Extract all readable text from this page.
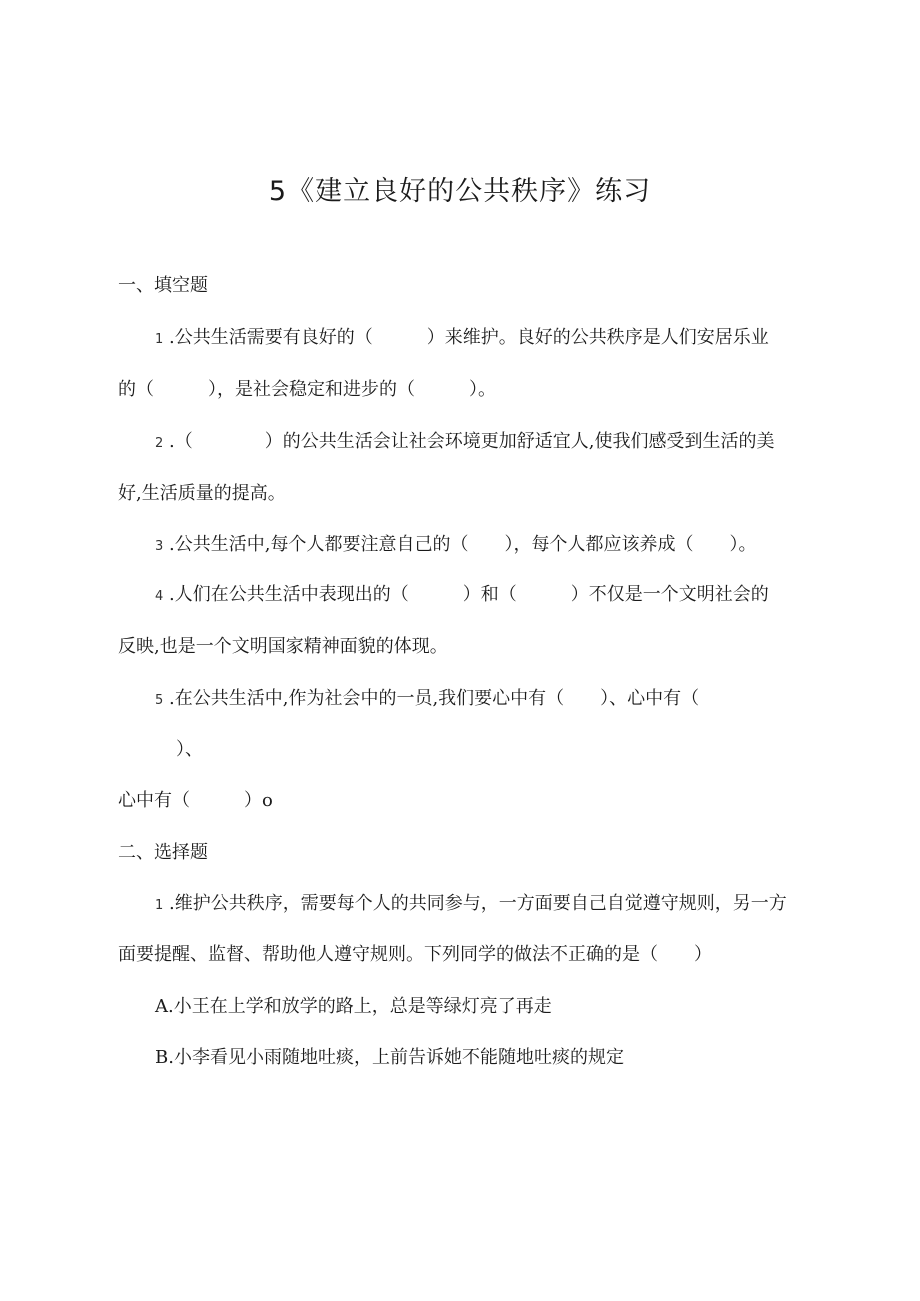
5《建立良好的公共秩序》练习
一、填空题
1 .公共生活需要有良好的（　　　）来维护。良好的公共秩序是人们安居乐业
的（　　　），是社会稳定和进步的（　　　）。
2 .（　　　　）的公共生活会让社会环境更加舒适宜人,使我们感受到生活的美
好,生活质量的提高。
3 .公共生活中,每个人都要注意自己的（　　），每个人都应该养成（　　）。
4 .人们在公共生活中表现出的（　　　）和（　　　）不仅是一个文明社会的
反映,也是一个文明国家精神面貌的体现。
5 .在公共生活中,作为社会中的一员,我们要心中有（　　）、心中有（
）、
心中有（　　　）o
二、选择题
1 .维护公共秩序，需要每个人的共同参与，一方面要自己自觉遵守规则，另一方
面要提醒、监督、帮助他人遵守规则。下列同学的做法不正确的是（　　）
A.小王在上学和放学的路上，总是等绿灯亮了再走
B.小李看见小雨随地吐痰，上前告诉她不能随地吐痰的规定
